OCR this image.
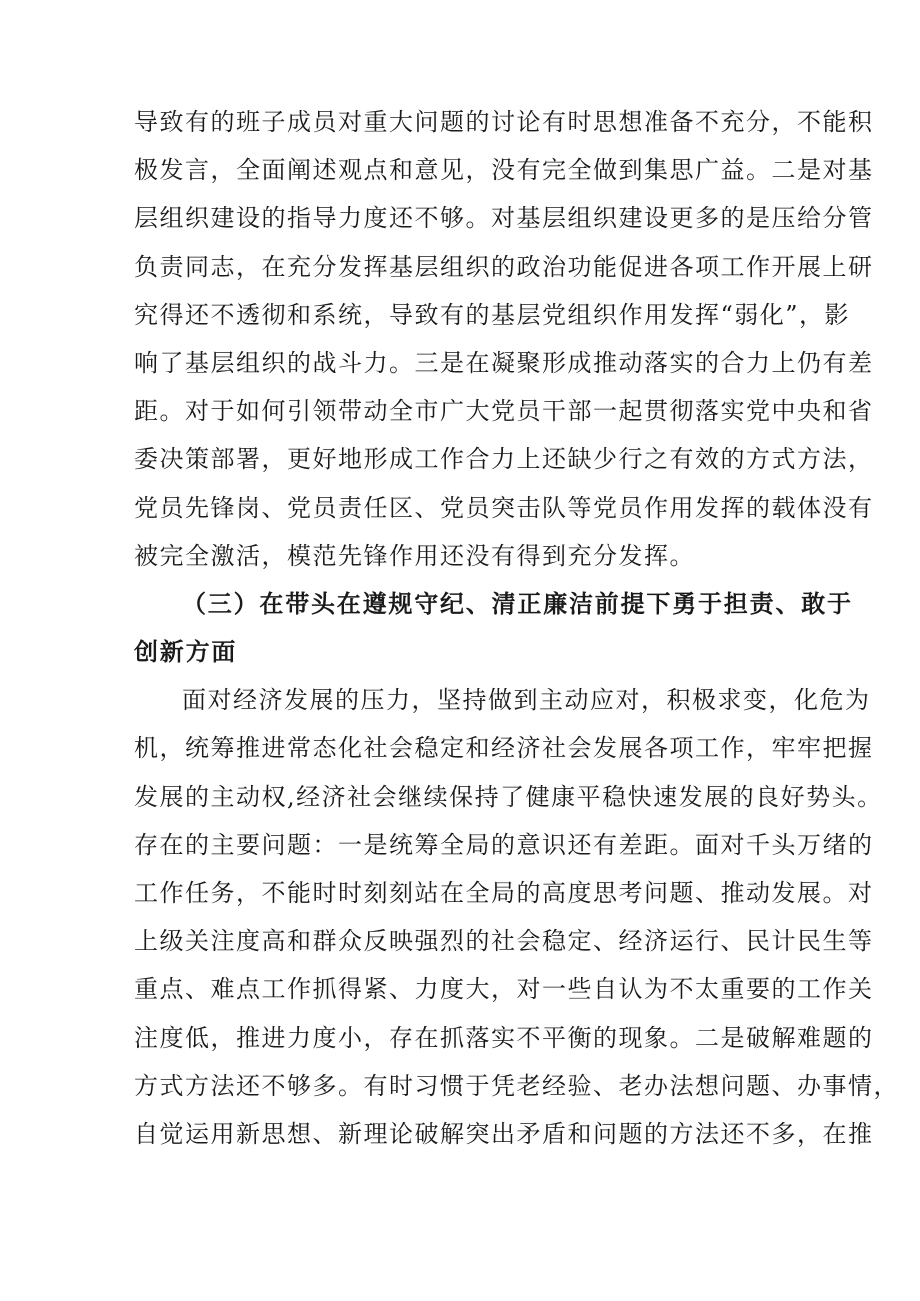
导致有的班子成员对重大问题的讨论有时思想准备不充分，不能积
极发言，全面阐述观点和意见，没有完全做到集思广益。二是对基
层组织建设的指导力度还不够。对基层组织建设更多的是压给分管
负责同志，在充分发挥基层组织的政治功能促进各项工作开展上研
究得还不透彻和系统，导致有的基层党组织作用发挥“弱化”，影
响了基层组织的战斗力。三是在凝聚形成推动落实的合力上仍有差
距。对于如何引领带动全市广大党员干部一起贯彻落实党中央和省
委决策部署，更好地形成工作合力上还缺少行之有效的方式方法，
党员先锋岗、党员责任区、党员突击队等党员作用发挥的载体没有
被完全激活，模范先锋作用还没有得到充分发挥。
（三）在带头在遵规守纪、清正廉洁前提下勇于担责、敢于
创新方面
面对经济发展的压力，坚持做到主动应对，积极求变，化危为
机，统筹推进常态化社会稳定和经济社会发展各项工作，牢牢把握
发展的主动权,经济社会继续保持了健康平稳快速发展的良好势头。
存在的主要问题：一是统筹全局的意识还有差距。面对千头万绪的
工作任务，不能时时刻刻站在全局的高度思考问题、推动发展。对
上级关注度高和群众反映强烈的社会稳定、经济运行、民计民生等
重点、难点工作抓得紧、力度大，对一些自认为不太重要的工作关
注度低，推进力度小，存在抓落实不平衡的现象。二是破解难题的
方式方法还不够多。有时习惯于凭老经验、老办法想问题、办事情，
自觉运用新思想、新理论破解突出矛盾和问题的方法还不多，在推
